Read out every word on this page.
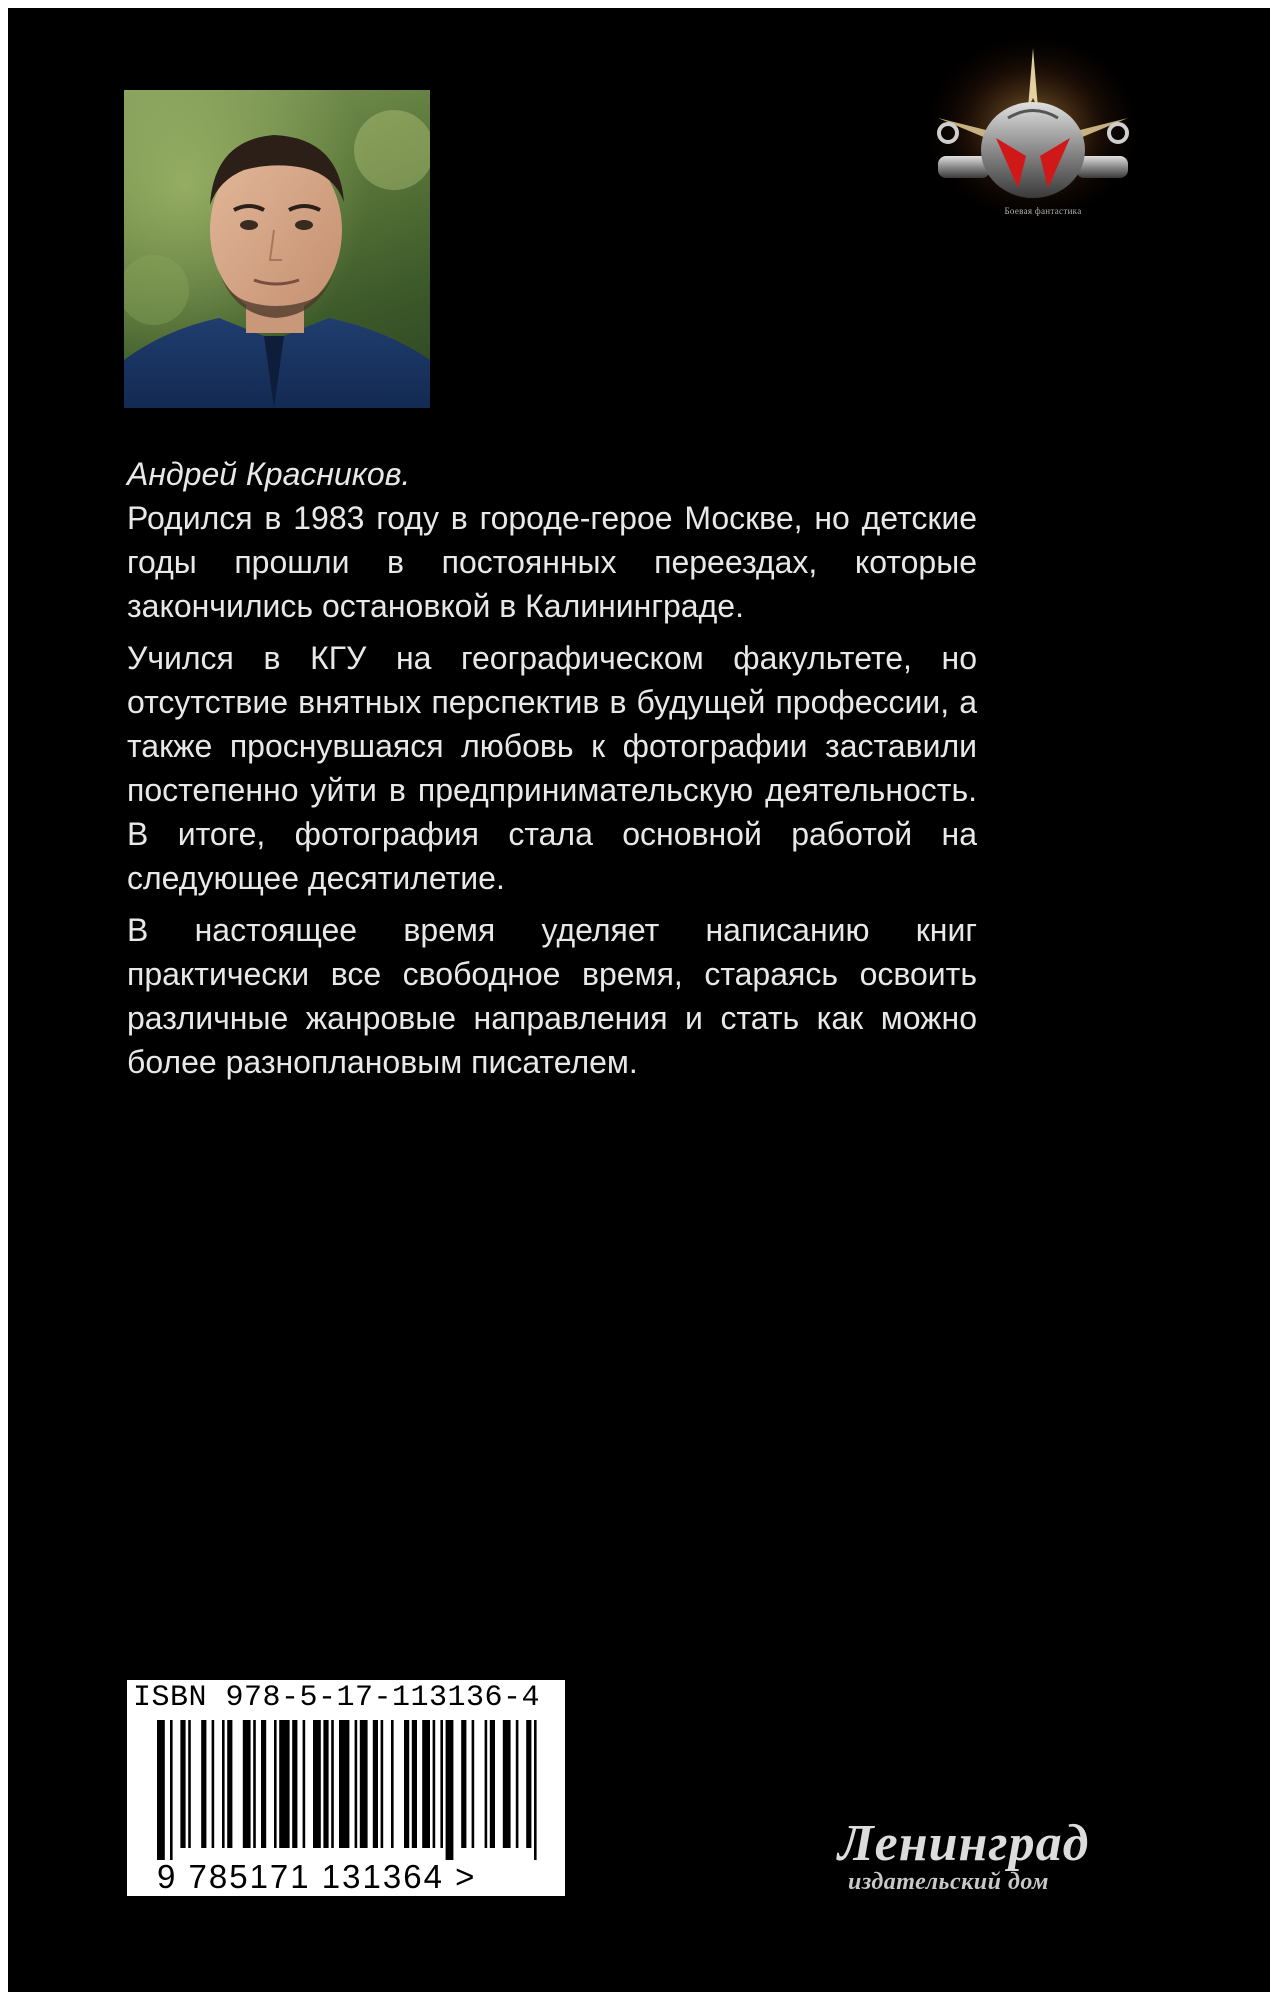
Боевая фантастика

Андрей Красников.

Родился в 1983 году в городе-герое Москве, но детские годы прошли в постоянных переездах, которые закончились остановкой в Калининграде.

Учился в КГУ на географическом факультете, но отсутствие внятных перспектив в будущей профессии, а также проснувшаяся любовь к фотографии заставили постепенно уйти в предпринимательскую деятельность. В итоге, фотография стала основной работой на следующее десятилетие.

В настоящее время уделяет написанию книг практически все свободное время, стараясь освоить различные жанровые направления и стать как можно более разноплановым писателем.

ISBN 978-5-17-113136-4
9 785171 131364 >
Ленинград
издательский дом
